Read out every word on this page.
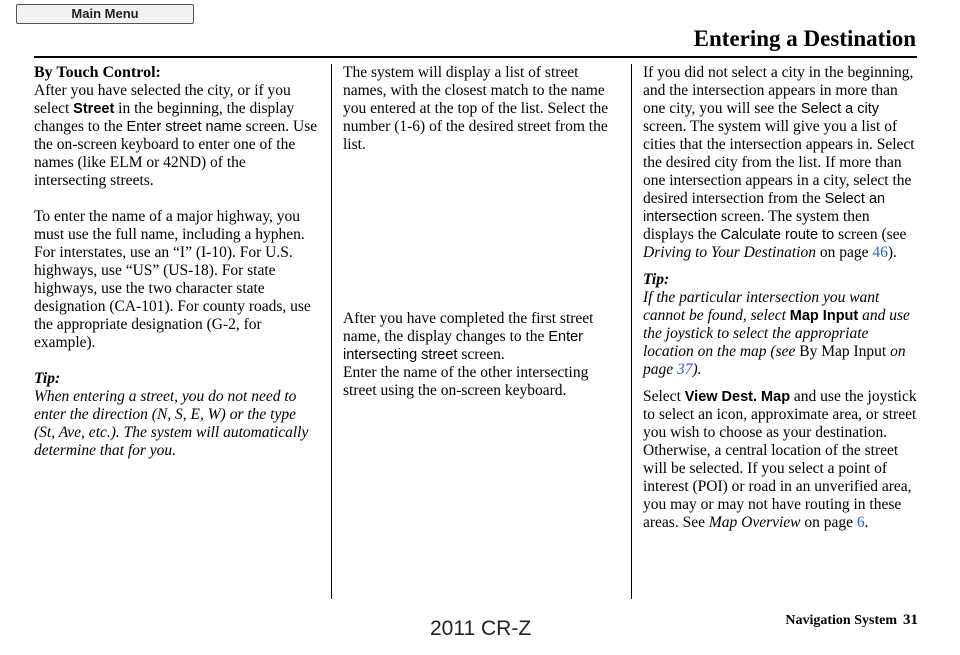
Main Menu
Entering a Destination

By Touch Control:

After you have selected the city, or if you select Street in the beginning, the display changes to the Enter street name screen. Use the on-screen keyboard to enter one of the names (like ELM or 42ND) of the intersecting streets.

To enter the name of a major highway, you must use the full name, including a hyphen. For interstates, use an “I” (I-10). For U.S. highways, use “US” (US-18). For state highways, use the two character state designation (CA-101). For county roads, use the appropriate designation (G-2, for example).

Tip:

When entering a street, you do not need to enter the direction (N, S, E, W) or the type (St, Ave, etc.). The system will automatically determine that for you.

The system will display a list of street names, with the closest match to the name you entered at the top of the list. Select the number (1-6) of the desired street from the list.

After you have completed the first street name, the display changes to the Enter intersecting street screen.

Enter the name of the other intersecting street using the on-screen keyboard.

If you did not select a city in the beginning, and the intersection appears in more than one city, you will see the Select a city screen. The system will give you a list of cities that the intersection appears in. Select the desired city from the list. If more than one intersection appears in a city, select the desired intersection from the Select an intersection screen. The system then displays the Calculate route to screen (see Driving to Your Destination on page 46).

Tip:

If the particular intersection you want cannot be found, select Map Input and use the joystick to select the appropriate location on the map (see By Map Input on page 37).

Select View Dest. Map and use the joystick to select an icon, approximate area, or street you wish to choose as your destination. Otherwise, a central location of the street will be selected. If you select a point of interest (POI) or road in an unverified area, you may or may not have routing in these areas. See Map Overview on page 6.

Navigation System 31
2011 CR-Z
